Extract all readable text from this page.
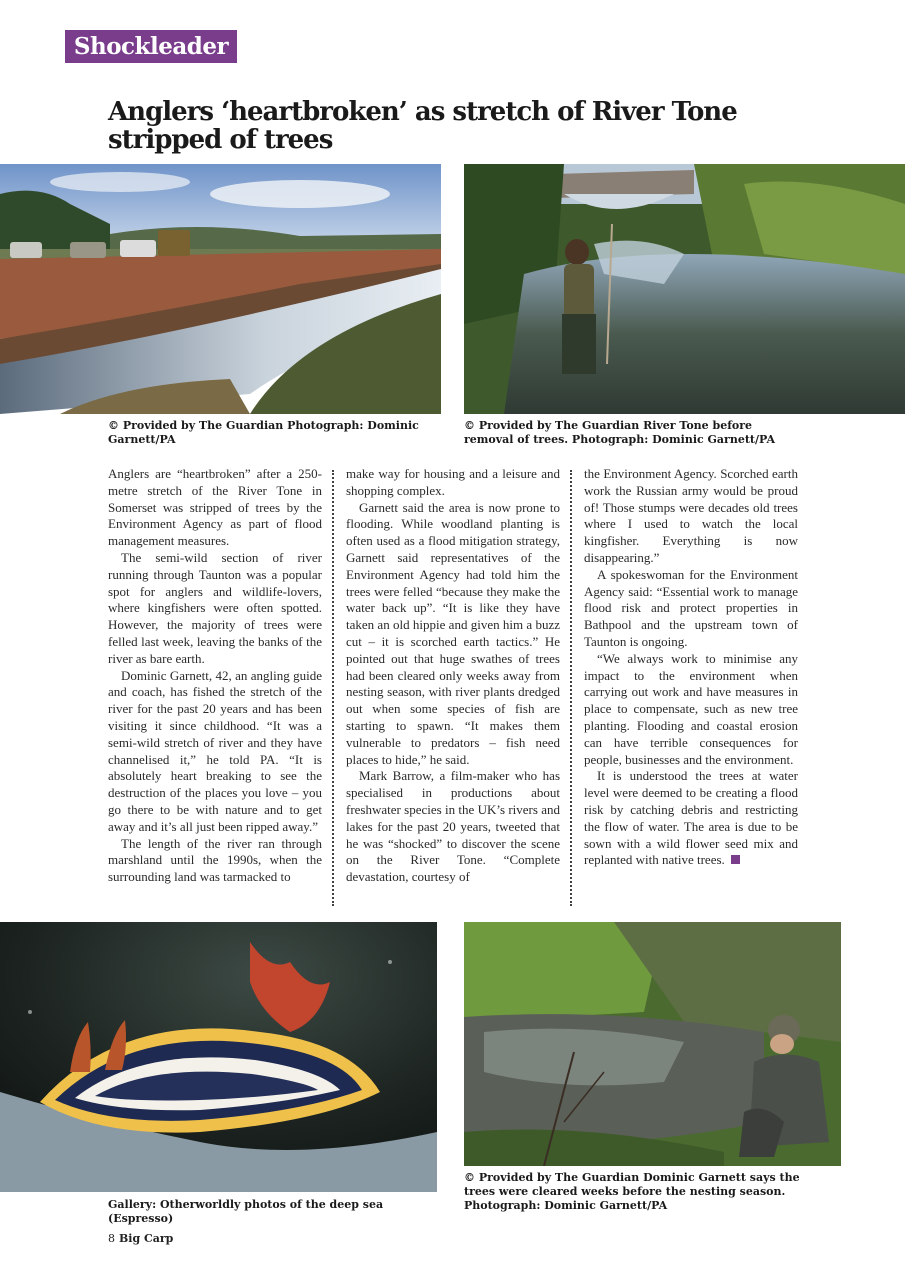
Shockleader
Anglers ‘heartbroken’ as stretch of River Tone stripped of trees

© Provided by The Guardian Photograph: Dominic Garnett/PA

© Provided by The Guardian River Tone before removal of trees. Photograph: Dominic Garnett/PA

Anglers are “heartbroken” after a 250-metre stretch of the River Tone in Somerset was stripped of trees by the Environment Agency as part of flood management measures.

The semi-wild section of river running through Taunton was a popular spot for anglers and wildlife-lovers, where kingfishers were often spotted. However, the majority of trees were felled last week, leaving the banks of the river as bare earth.

Dominic Garnett, 42, an angling guide and coach, has fished the stretch of the river for the past 20 years and has been visiting it since childhood. “It was a semi-wild stretch of river and they have channelised it,” he told PA. “It is absolutely heart breaking to see the destruction of the places you love – you go there to be with nature and to get away and it’s all just been ripped away.”

The length of the river ran through marshland until the 1990s, when the surrounding land was tarmacked to

make way for housing and a leisure and shopping complex.

Garnett said the area is now prone to flooding. While woodland planting is often used as a flood mitigation strategy, Garnett said representatives of the Environment Agency had told him the trees were felled “because they make the water back up”. “It is like they have taken an old hippie and given him a buzz cut – it is scorched earth tactics.” He pointed out that huge swathes of trees had been cleared only weeks away from nesting season, with river plants dredged out when some species of fish are starting to spawn. “It makes them vulnerable to predators – fish need places to hide,” he said.

Mark Barrow, a film-maker who has specialised in productions about freshwater species in the UK’s rivers and lakes for the past 20 years, tweeted that he was “shocked” to discover the scene on the River Tone. “Complete devastation, courtesy of

the Environment Agency. Scorched earth work the Russian army would be proud of! Those stumps were decades old trees where I used to watch the local kingfisher. Everything is now disappearing.”

A spokeswoman for the Environment Agency said: “Essential work to manage flood risk and protect properties in Bathpool and the upstream town of Taunton is ongoing.

“We always work to minimise any impact to the environment when carrying out work and have measures in place to compensate, such as new tree planting. Flooding and coastal erosion can have terrible consequences for people, businesses and the environment.

It is understood the trees at water level were deemed to be creating a flood risk by catching debris and restricting the flow of water. The area is due to be sown with a wild flower seed mix and replanted with native trees.

Gallery: Otherworldly photos of the deep sea (Espresso)

© Provided by The Guardian Dominic Garnett says the trees were cleared weeks before the nesting season. Photograph: Dominic Garnett/PA

8 Big Carp
